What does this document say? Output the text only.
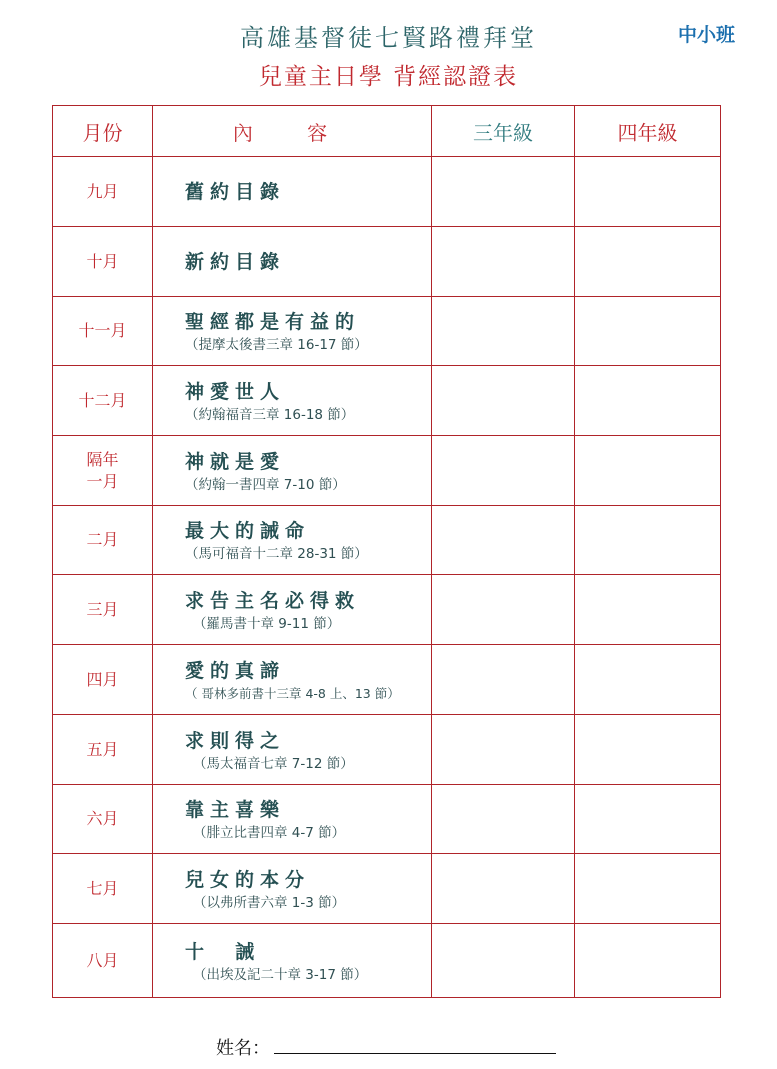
高雄基督徒七賢路禮拜堂	中小班
兒童主日學 背經認證表
月份	內 容	三年級	四年級
九月	舊約目錄		

十月	新約目錄		

十一月	聖經都是有益的
（提摩太後書三章 16-17 節）		

十二月	神愛世人
（約翰福音三章 16-18 節）		

隔年一月	神就是愛
（約翰一書四章 7-10 節）		

二月	最大的誡命
（馬可福音十二章 28-31 節）		

三月	求告主名必得救
（羅馬書十章 9-11 節）		

四月	愛的真諦
（ 哥林多前書十三章 4-8 上、13 節）		

五月	求則得之
（馬太福音七章 7-12 節）		

六月	靠主喜樂
（腓立比書四章 4-7 節）		

七月	兒女的本分
（以弗所書六章 1-3 節）		

八月	十  誡
（出埃及記二十章 3-17 節）		

姓名：
